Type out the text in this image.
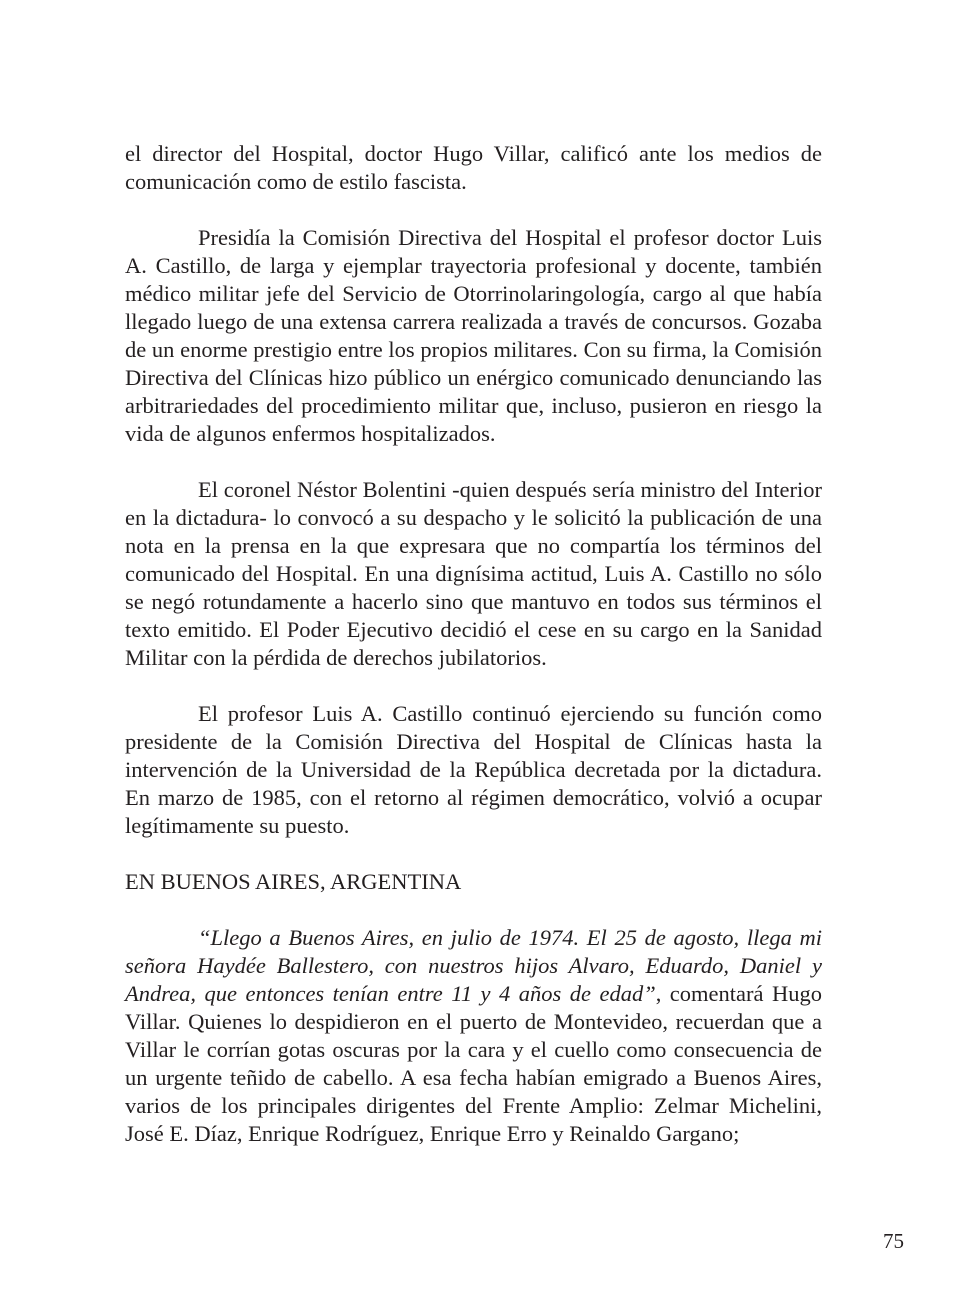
el director del Hospital, doctor Hugo Villar, calificó ante los medios de comunicación como de estilo fascista.

Presidía la Comisión Directiva del Hospital el profesor doctor Luis A. Castillo, de larga y ejemplar trayectoria profesional y docente, también médico militar jefe del Servicio de Otorrinolaringología, cargo al que había llegado luego de una extensa carrera realizada a través de concursos. Gozaba de un enorme prestigio entre los propios militares. Con su firma, la Comisión Directiva del Clínicas hizo público un enérgico comunicado denunciando las arbitrariedades del procedimiento militar que, incluso, pusieron en riesgo la vida de algunos enfermos hospitalizados.

El coronel Néstor Bolentini -quien después sería ministro del Interior en la dictadura- lo convocó a su despacho y le solicitó la publicación de una nota en la prensa en la que expresara que no compartía los términos del comunicado del Hospital. En una dignísima actitud, Luis A. Castillo no sólo se negó rotundamente a hacerlo sino que mantuvo en todos sus términos el texto emitido. El Poder Ejecutivo decidió el cese en su cargo en la Sanidad Militar con la pérdida de derechos jubilatorios.

El profesor Luis A. Castillo continuó ejerciendo su función como presidente de la Comisión Directiva del Hospital de Clínicas hasta la intervención de la Universidad de la República decretada por la dictadura. En marzo de 1985, con el retorno al régimen democrático, volvió a ocupar legítimamente su puesto.

EN BUENOS AIRES, ARGENTINA

“Llego a Buenos Aires, en julio de 1974. El 25 de agosto, llega mi señora Haydée Ballestero, con nuestros hijos Alvaro, Eduardo, Daniel y Andrea, que entonces tenían entre 11 y 4 años de edad”, comentará Hugo Villar. Quienes lo despidieron en el puerto de Montevideo, recuerdan que a Villar le corrían gotas oscuras por la cara y el cuello como consecuencia de un urgente teñido de cabello. A esa fecha habían emigrado a Buenos Aires, varios de los principales dirigentes del Frente Amplio: Zelmar Michelini, José E. Díaz, Enrique Rodríguez, Enrique Erro y Reinaldo Gargano;

75
